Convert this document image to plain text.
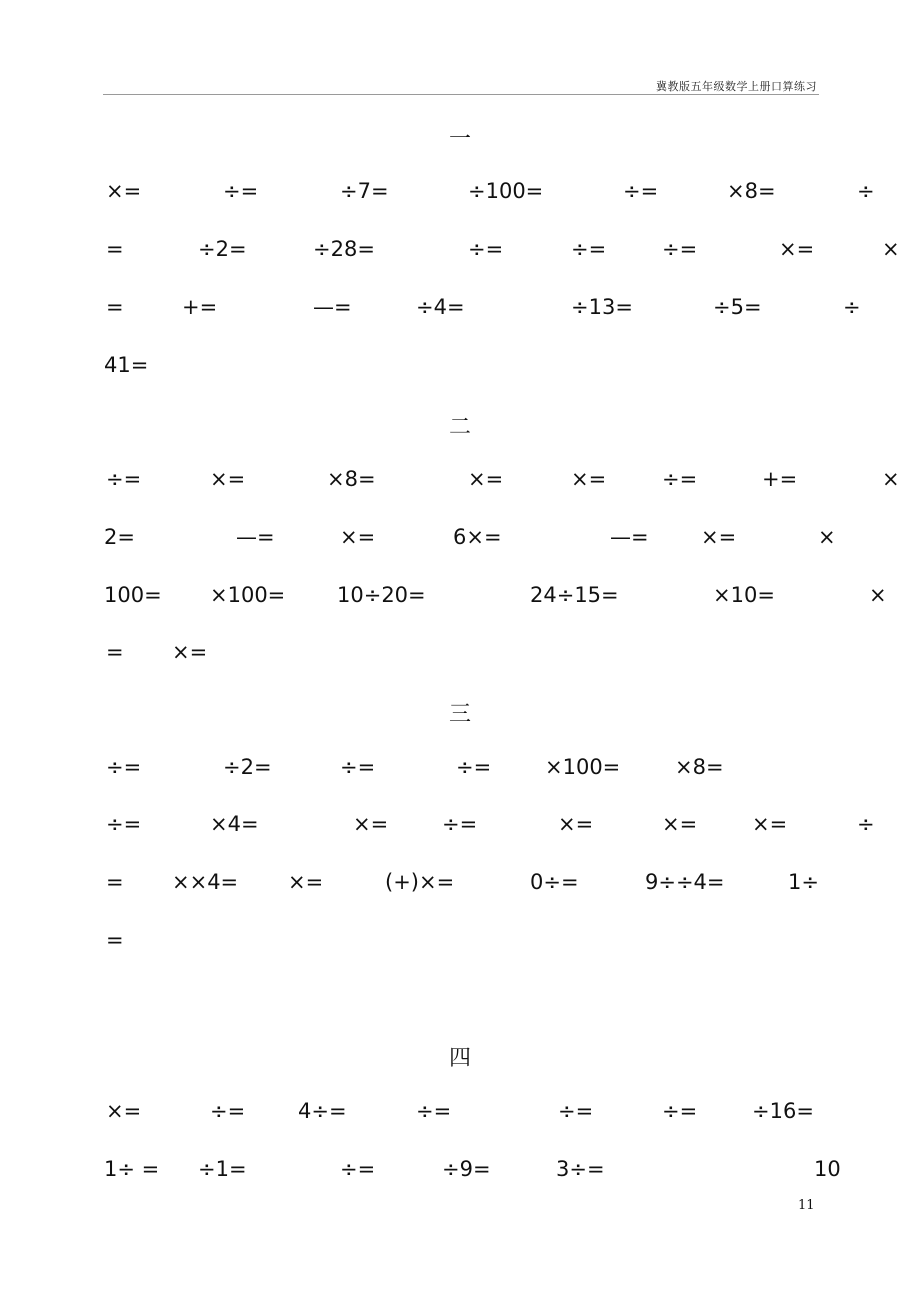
冀教版五年级数学上册口算练习
一
×=	÷=	÷7=	÷100=	÷=	×8=	÷
=	÷2=	÷28=	÷=	÷=	÷=	×=	×
=	+=	—=	÷4=	÷13=	÷5=	÷
41=
二
÷=	×=	×8=	×=	×=	÷=	+=	×
2=	—=	×=	6×=	—= ×=	×
100= ×100= 10÷20=	24÷15=	×10=	×
= ×=
三
÷=	÷2=	÷=	÷=	×100=	×8=
÷=	×4=	×=	÷=	×=	×=	×=	÷
= ××4= ×=	(+)×=	0÷=	9÷÷4=	1÷
=
四
×=	÷=	4÷=	÷=	÷=	÷=	÷16=
1÷ = ÷1=	÷=	÷9=	3÷=	10
11
